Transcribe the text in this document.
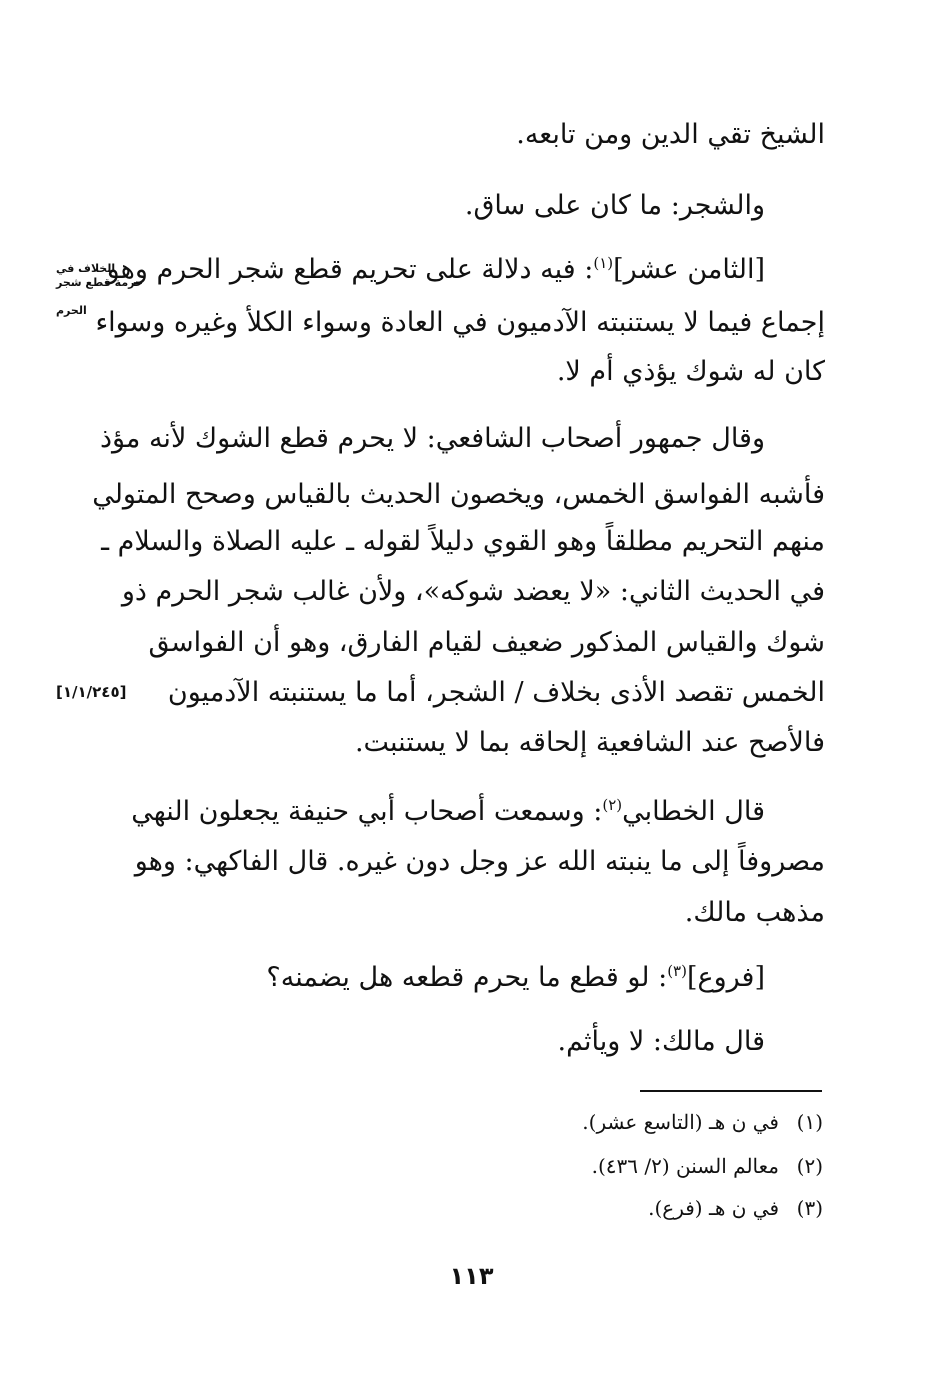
الشيخ تقي الدين ومن تابعه.
والشجر: ما كان على ساق.
[الثامن عشر]$^{(١)}$: فيه دلالة على تحريم قطع شجر الحرم وهو
الخلاف في
حرمة قطع شجر
الحرم إجماع فيما لا يستنبته الآدميون في العادة وسواء الكلأ وغيره وسواء
كان له شوك يؤذي أم لا.
وقال جمهور أصحاب الشافعي: لا يحرم قطع الشوك لأنه مؤذ
فأشبه الفواسق الخمس، ويخصون الحديث بالقياس وصحح المتولي
منهم التحريم مطلقاً وهو القوي دليلاً لقوله ـ عليه الصلاة والسلام ـ
في الحديث الثاني: «لا يعضد شوكه»، ولأن غالب شجر الحرم ذو
شوك والقياس المذكور ضعيف لقيام الفارق، وهو أن الفواسق
الخمس تقصد الأذى بخلاف / الشجر، أما ما يستنبته الآدميون
[١/١/٢٤٥]
فالأصح عند الشافعية إلحاقه بما لا يستنبت.
قال الخطابي$^{(٢)}$: وسمعت أصحاب أبي حنيفة يجعلون النهي
مصروفاً إلى ما ينبته الله عز وجل دون غيره. قال الفاكهي: وهو
مذهب مالك.
[فروع]$^{(٣)}$: لو قطع ما يحرم قطعه هل يضمنه؟
قال مالك: لا ويأثم.
(١)في ن هـ (التاسع عشر).
(٢)معالم السنن (٢/ ٤٣٦).
(٣)في ن هـ (فرع).
١١٣
